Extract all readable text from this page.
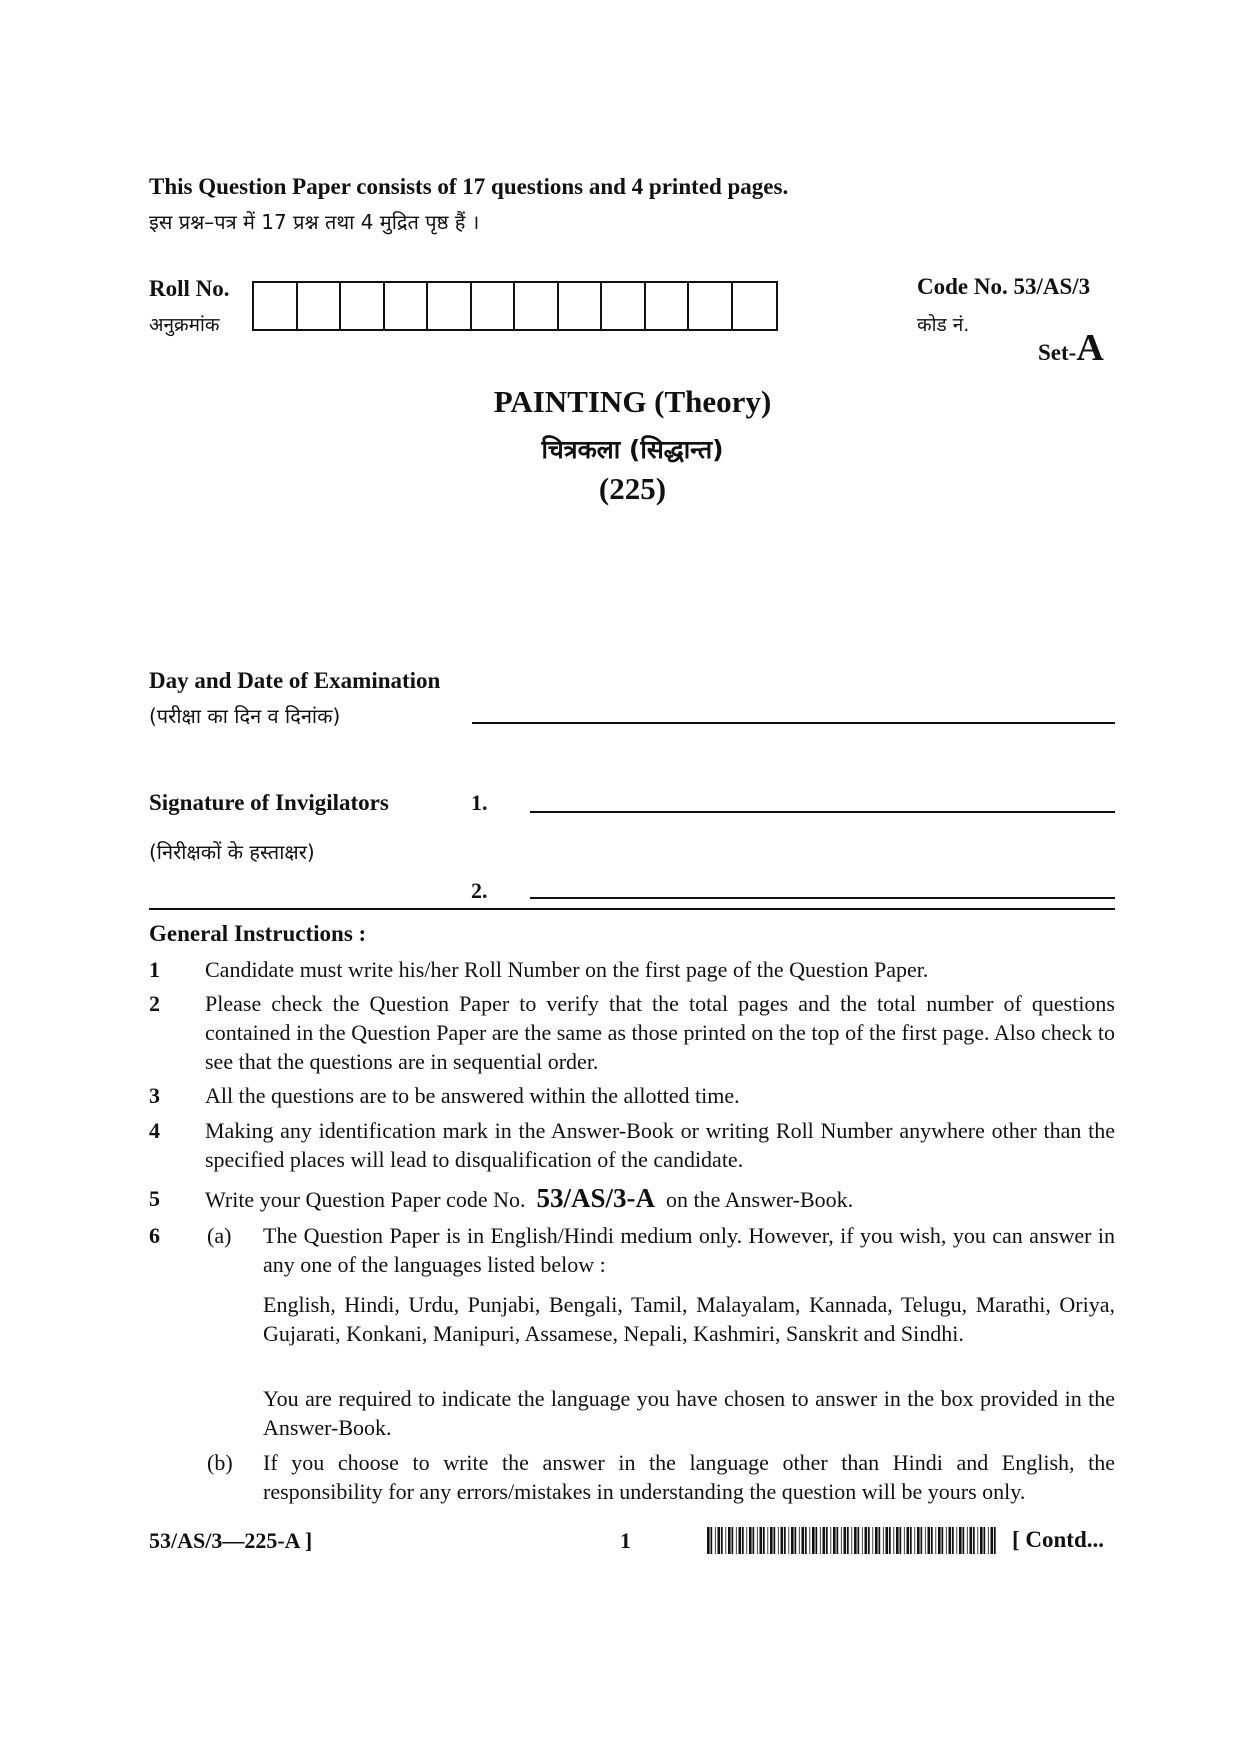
This Question Paper consists of 17 questions and 4 printed pages.
इस प्रश्न–पत्र में 17 प्रश्न तथा 4 मुद्रित पृष्ठ हैं ।
Roll No.
अनुक्रमांक
Code No. 53/AS/3
कोड नं.
Set-A
PAINTING (Theory)
चित्रकला (सिद्धान्त)
(225)
Day and Date of Examination
(परीक्षा का दिन व दिनांक)
Signature of Invigilators
(निरीक्षकों के हस्ताक्षर)
1.
2.
General Instructions :
1 Candidate must write his/her Roll Number on the first page of the Question Paper.
2 Please check the Question Paper to verify that the total pages and the total number of questions contained in the Question Paper are the same as those printed on the top of the first page. Also check to see that the questions are in sequential order.
3 All the questions are to be answered within the allotted time.
4 Making any identification mark in the Answer-Book or writing Roll Number anywhere other than the specified places will lead to disqualification of the candidate.
5 Write your Question Paper code No. 53/AS/3-A on the Answer-Book.
6 (a) The Question Paper is in English/Hindi medium only. However, if you wish, you can answer in any one of the languages listed below :
English, Hindi, Urdu, Punjabi, Bengali, Tamil, Malayalam, Kannada, Telugu, Marathi, Oriya, Gujarati, Konkani, Manipuri, Assamese, Nepali, Kashmiri, Sanskrit and Sindhi.
You are required to indicate the language you have chosen to answer in the box provided in the Answer-Book.
(b) If you choose to write the answer in the language other than Hindi and English, the responsibility for any errors/mistakes in understanding the question will be yours only.
53/AS/3—225-A ]	1	[ Contd...
